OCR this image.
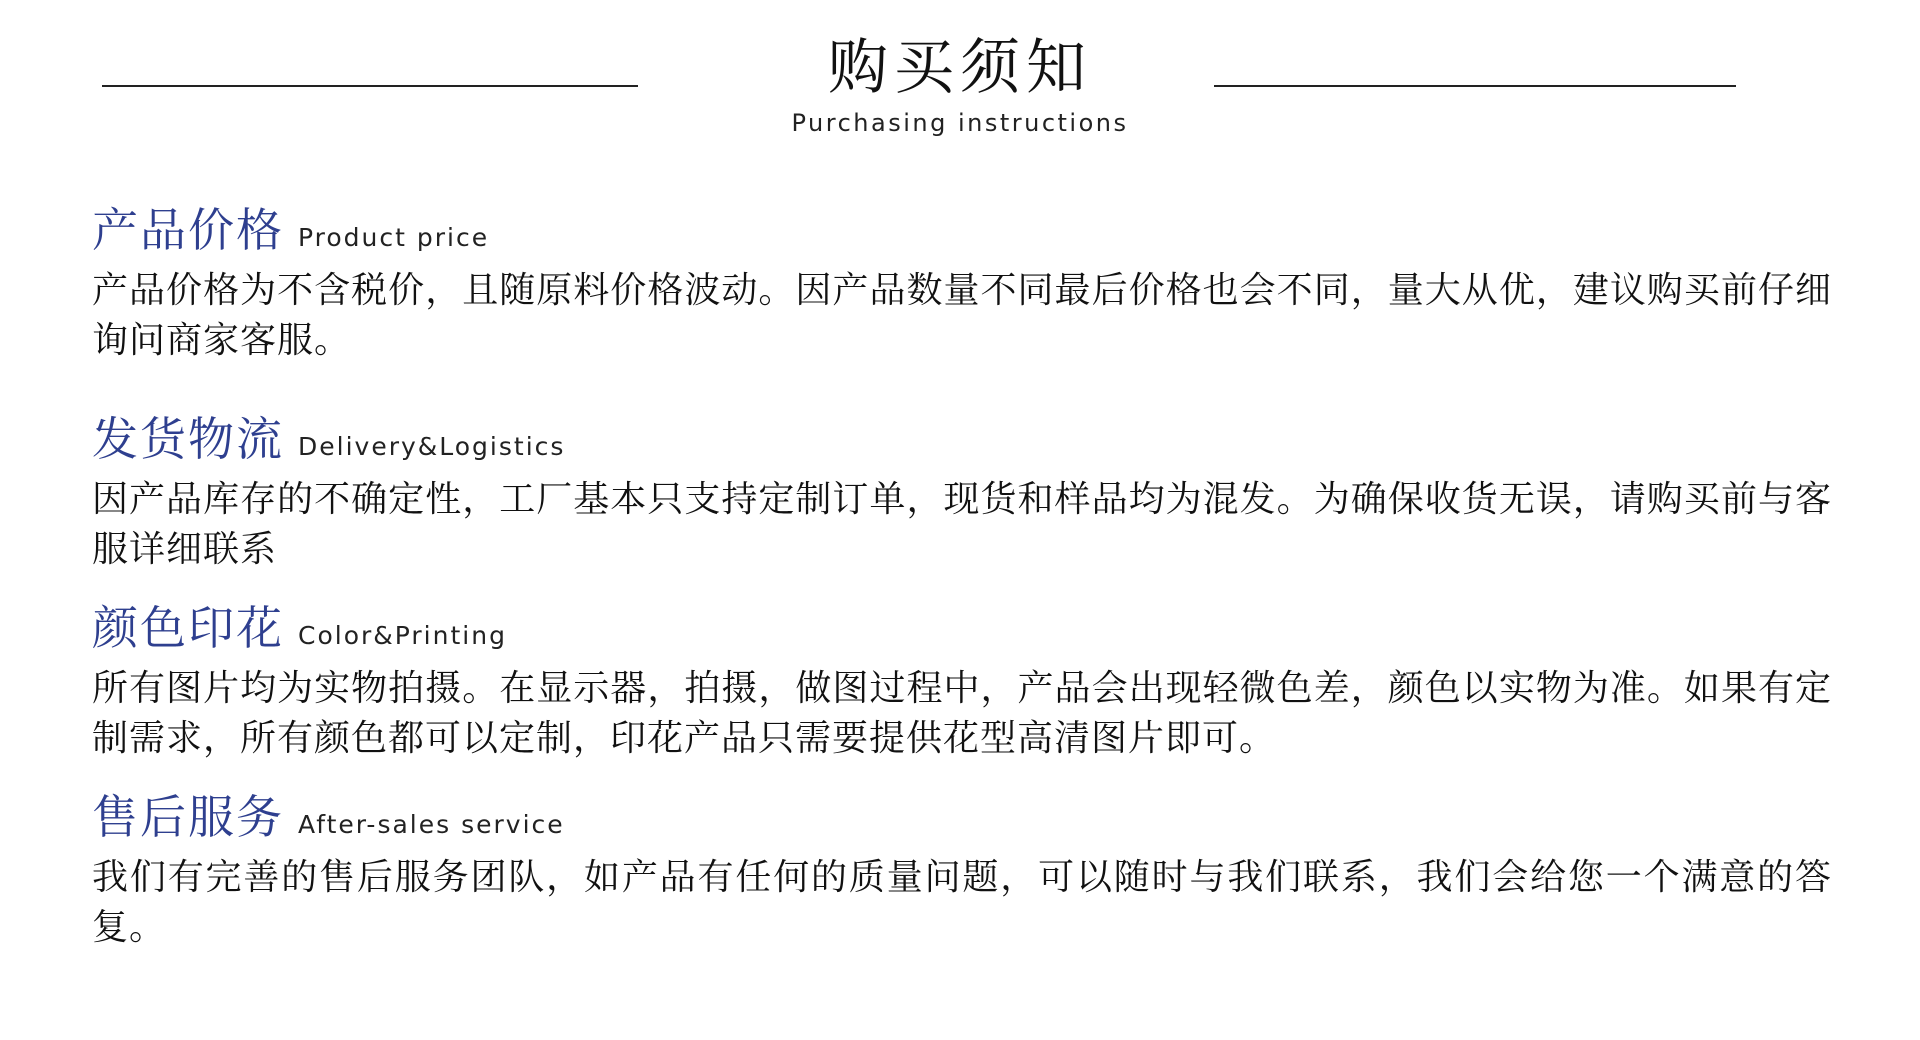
购买须知
Purchasing instructions
产品价格 Product price
产品价格为不含税价，且随原料价格波动。因产品数量不同最后价格也会不同，量大从优，建议购买前仔细询问商家客服。
发货物流 Delivery&Logistics
因产品库存的不确定性，工厂基本只支持定制订单，现货和样品均为混发。为确保收货无误，请购买前与客服详细联系
颜色印花 Color&Printing
所有图片均为实物拍摄。在显示器，拍摄，做图过程中，产品会出现轻微色差，颜色以实物为准。如果有定制需求，所有颜色都可以定制，印花产品只需要提供花型高清图片即可。
售后服务 After-sales service
我们有完善的售后服务团队，如产品有任何的质量问题，可以随时与我们联系，我们会给您一个满意的答复。
